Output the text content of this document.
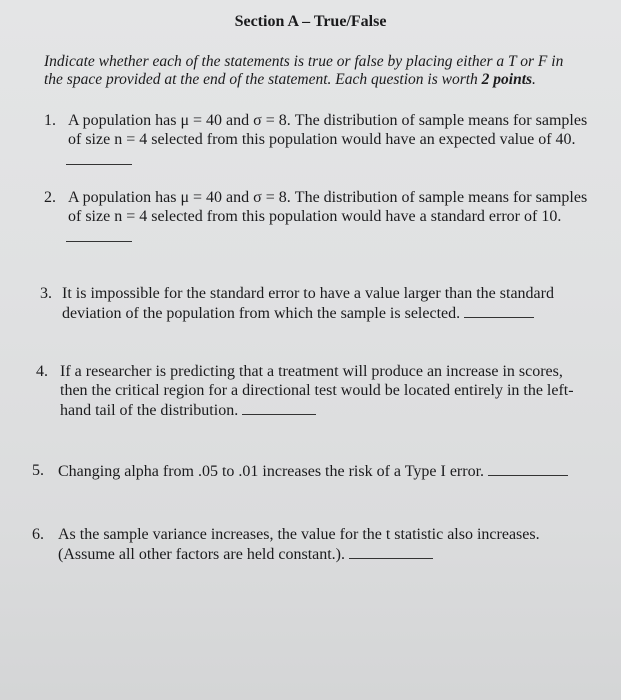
Section A – True/False
Indicate whether each of the statements is true or false by placing either a T or F in
the space provided at the end of the statement. Each question is worth 2 points.
1. A population has μ = 40 and σ = 8. The distribution of sample means for samples
of size n = 4 selected from this population would have an expected value of 40.
2. A population has μ = 40 and σ = 8. The distribution of sample means for samples
of size n = 4 selected from this population would have a standard error of 10.
3. It is impossible for the standard error to have a value larger than the standard
deviation of the population from which the sample is selected.
4. If a researcher is predicting that a treatment will produce an increase in scores,
then the critical region for a directional test would be located entirely in the left-
hand tail of the distribution.
5. Changing alpha from .05 to .01 increases the risk of a Type I error.
6. As the sample variance increases, the value for the t statistic also increases.
(Assume all other factors are held constant.).
